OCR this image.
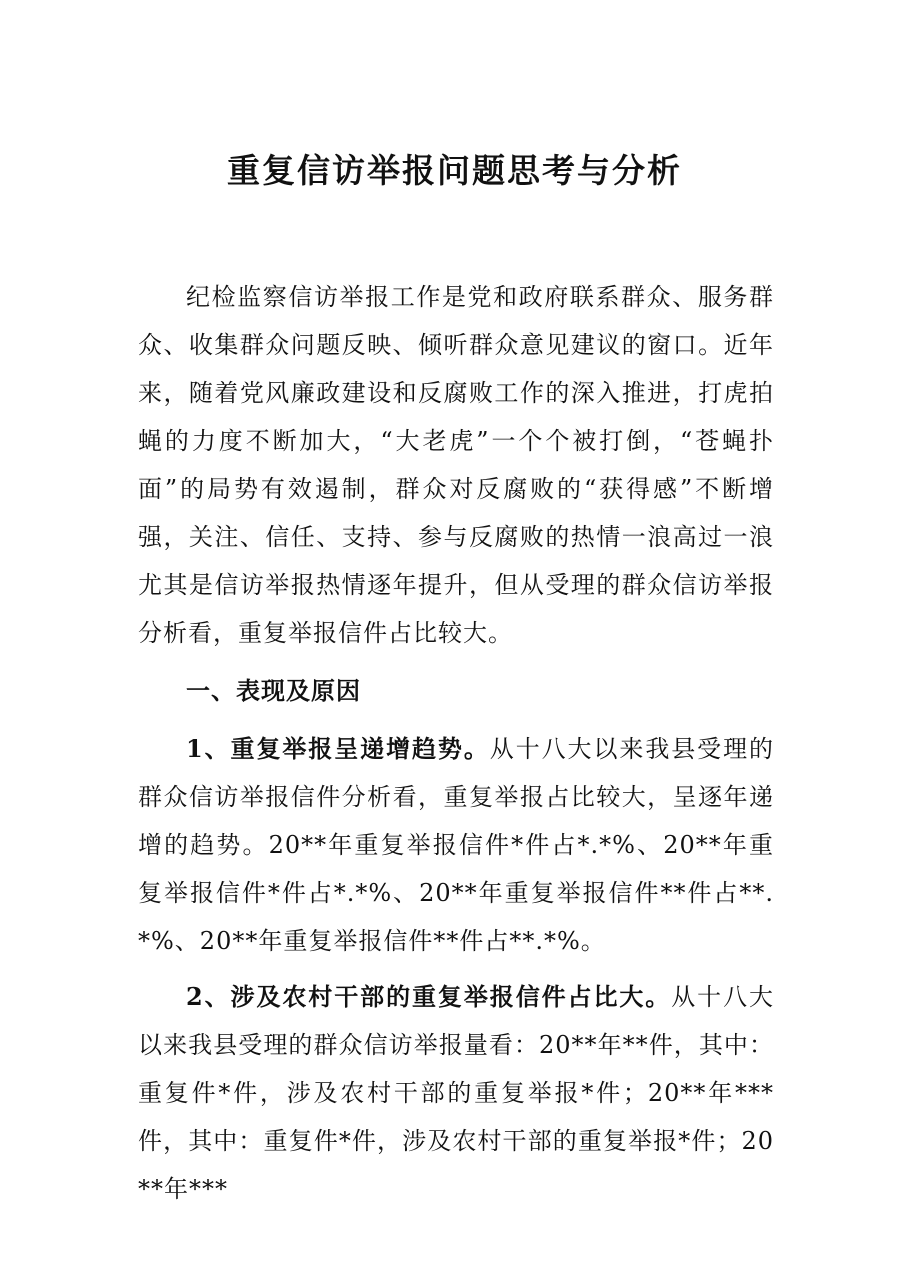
重复信访举报问题思考与分析

纪检监察信访举报工作是党和政府联系群众、服务群众、收集群众问题反映、倾听群众意见建议的窗口。近年来，随着党风廉政建设和反腐败工作的深入推进，打虎拍蝇的力度不断加大，“大老虎”一个个被打倒，“苍蝇扑面”的局势有效遏制，群众对反腐败的“获得感”不断增强，关注、信任、支持、参与反腐败的热情一浪高过一浪尤其是信访举报热情逐年提升，但从受理的群众信访举报分析看，重复举报信件占比较大。

一、表现及原因

1、重复举报呈递增趋势。从十八大以来我县受理的群众信访举报信件分析看，重复举报占比较大，呈逐年递增的趋势。20**年重复举报信件*件占*.*%、20**年重复举报信件*件占*.*%、20**年重复举报信件**件占**.*%、20**年重复举报信件**件占**.*%。

2、涉及农村干部的重复举报信件占比大。从十八大以来我县受理的群众信访举报量看：20**年**件，其中：重复件*件，涉及农村干部的重复举报*件；20**年***件，其中：重复件*件，涉及农村干部的重复举报*件；20**年***
